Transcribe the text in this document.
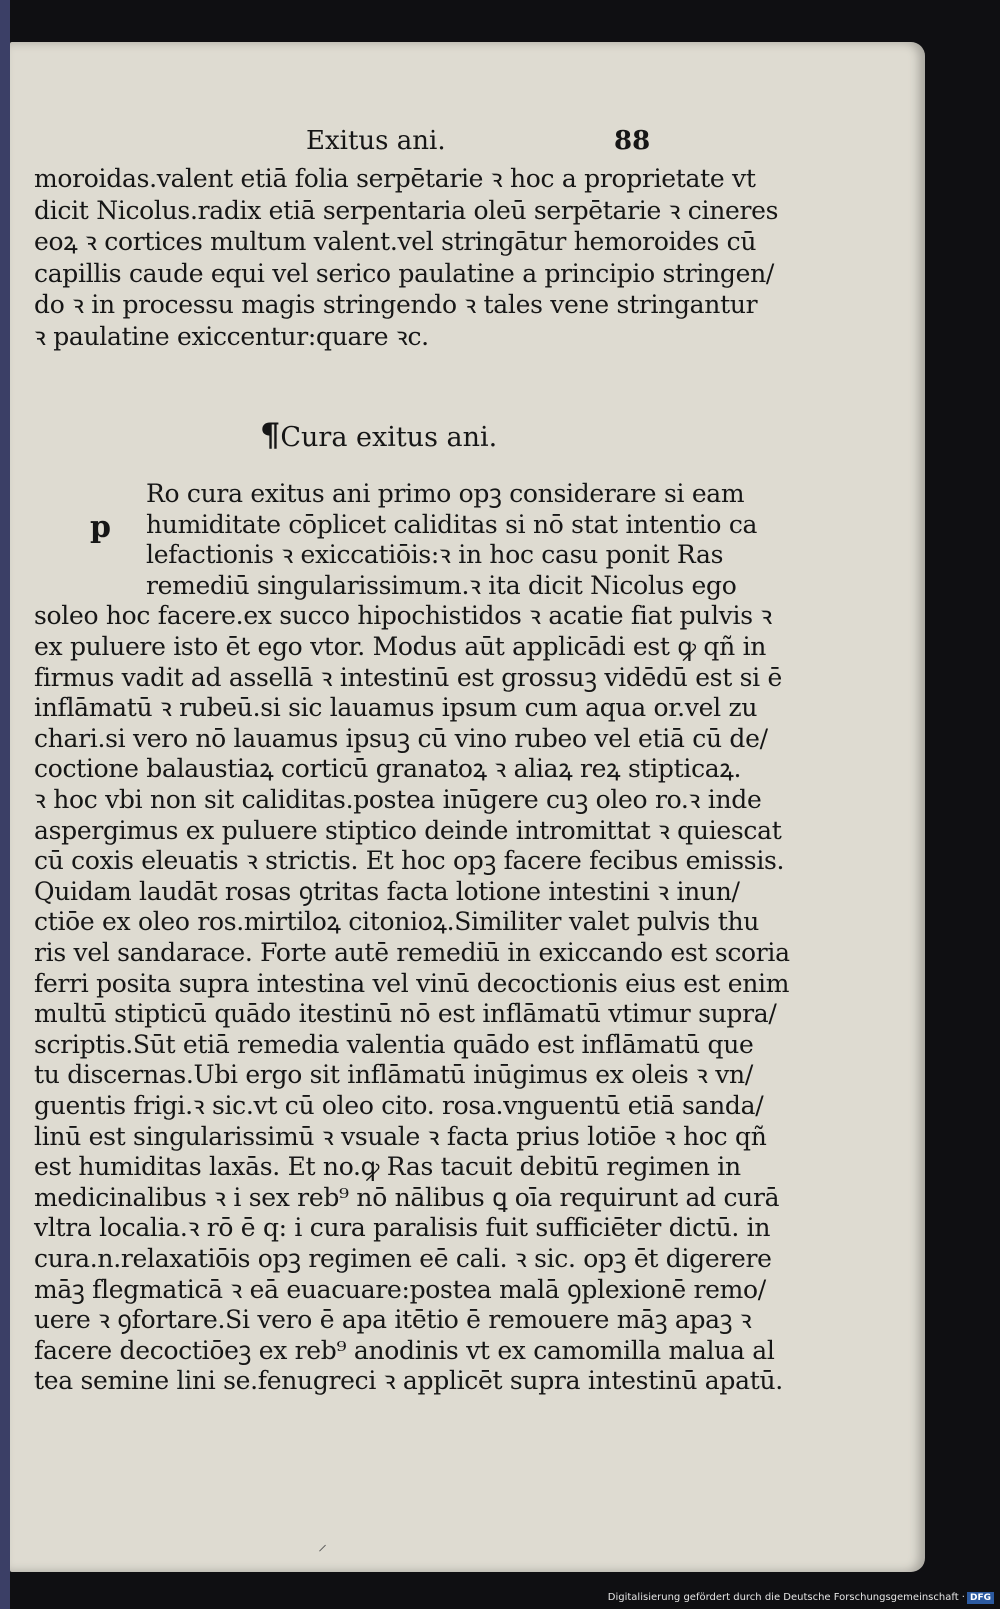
Exitus ani.	88
moroidas.valent etiā folia serpētarie ꝛ hoc a proprietate vt
dicit Nicolus.radix etiā serpentaria oleū serpētarie ꝛ cineres
eoꝝ ꝛ cortices multum valent.vel stringātur hemoroides cū
capillis caude equi vel serico paulatine a principio stringen/
do ꝛ in processu magis stringendo ꝛ tales vene stringantur
ꝛ paulatine exiccentur:quare ꝛc.
¶Cura exitus ani.
p
Ro cura exitus ani primo opꝫ considerare si eam
humiditate cōplicet caliditas si nō stat intentio ca
lefactionis ꝛ exiccatiōis:ꝛ in hoc casu ponit Ras
remediū singularissimum.ꝛ ita dicit Nicolus ego
soleo hoc facere.ex succo hipochistidos ꝛ acatie fiat pulvis ꝛ
ex puluere isto ēt ego vtor. Modus aūt applicādi est ꝙ qñ in
firmus vadit ad assellā ꝛ intestinū est grossuꝫ vidēdū est si ē
inflāmatū ꝛ rubeū.si sic lauamus ipsum cum aqua or.vel zu
chari.si vero nō lauamus ipsuꝫ cū vino rubeo vel etiā cū de/
coctione balaustiaꝝ corticū granatoꝝ ꝛ aliaꝝ reꝝ stipticaꝝ.
ꝛ hoc vbi non sit caliditas.postea inūgere cuꝫ oleo ro.ꝛ inde
aspergimus ex puluere stiptico deinde intromittat ꝛ quiescat
cū coxis eleuatis ꝛ strictis. Et hoc opꝫ facere fecibus emissis.
Quidam laudāt rosas ꝯtritas facta lotione intestini ꝛ inun/
ctiōe ex oleo ros.mirtiloꝝ citonioꝝ.Similiter valet pulvis thu
ris vel sandarace. Forte autē remediū in exiccando est scoria
ferri posita supra intestina vel vinū decoctionis eius est enim
multū stipticū quādo itestinū nō est inflāmatū vtimur supra/
scriptis.Sūt etiā remedia valentia quādo est inflāmatū que
tu discernas.Ubi ergo sit inflāmatū inūgimus ex oleis ꝛ vn/
guentis frigi.ꝛ sic.vt cū oleo cito. rosa.vnguentū etiā sanda/
linū est singularissimū ꝛ vsuale ꝛ facta prius lotiōe ꝛ hoc qñ
est humiditas laxās. Et no.ꝙ Ras tacuit debitū regimen in
medicinalibus ꝛ i sex reb⁹ nō nālibus ꝗ oīa requirunt ad curā
vltra localia.ꝛ rō ē q: i cura paralisis fuit sufficiēter dictū. in
cura.n.relaxatiōis opꝫ regimen eē cali. ꝛ sic. opꝫ ēt digerere
māꝫ flegmaticā ꝛ eā euacuare:postea malā ꝯplexionē remo/
uere ꝛ ꝯfortare.Si vero ē apa itētio ē remouere māꝫ apaꝫ ꝛ
facere decoctiōeꝫ ex reb⁹ anodinis vt ex camomilla malua al
tea semine lini se.fenugreci ꝛ applicēt supra intestinū apatū.
⸝
Digitalisierung gefördert durch die Deutsche Forschungsgemeinschaft · DFG
